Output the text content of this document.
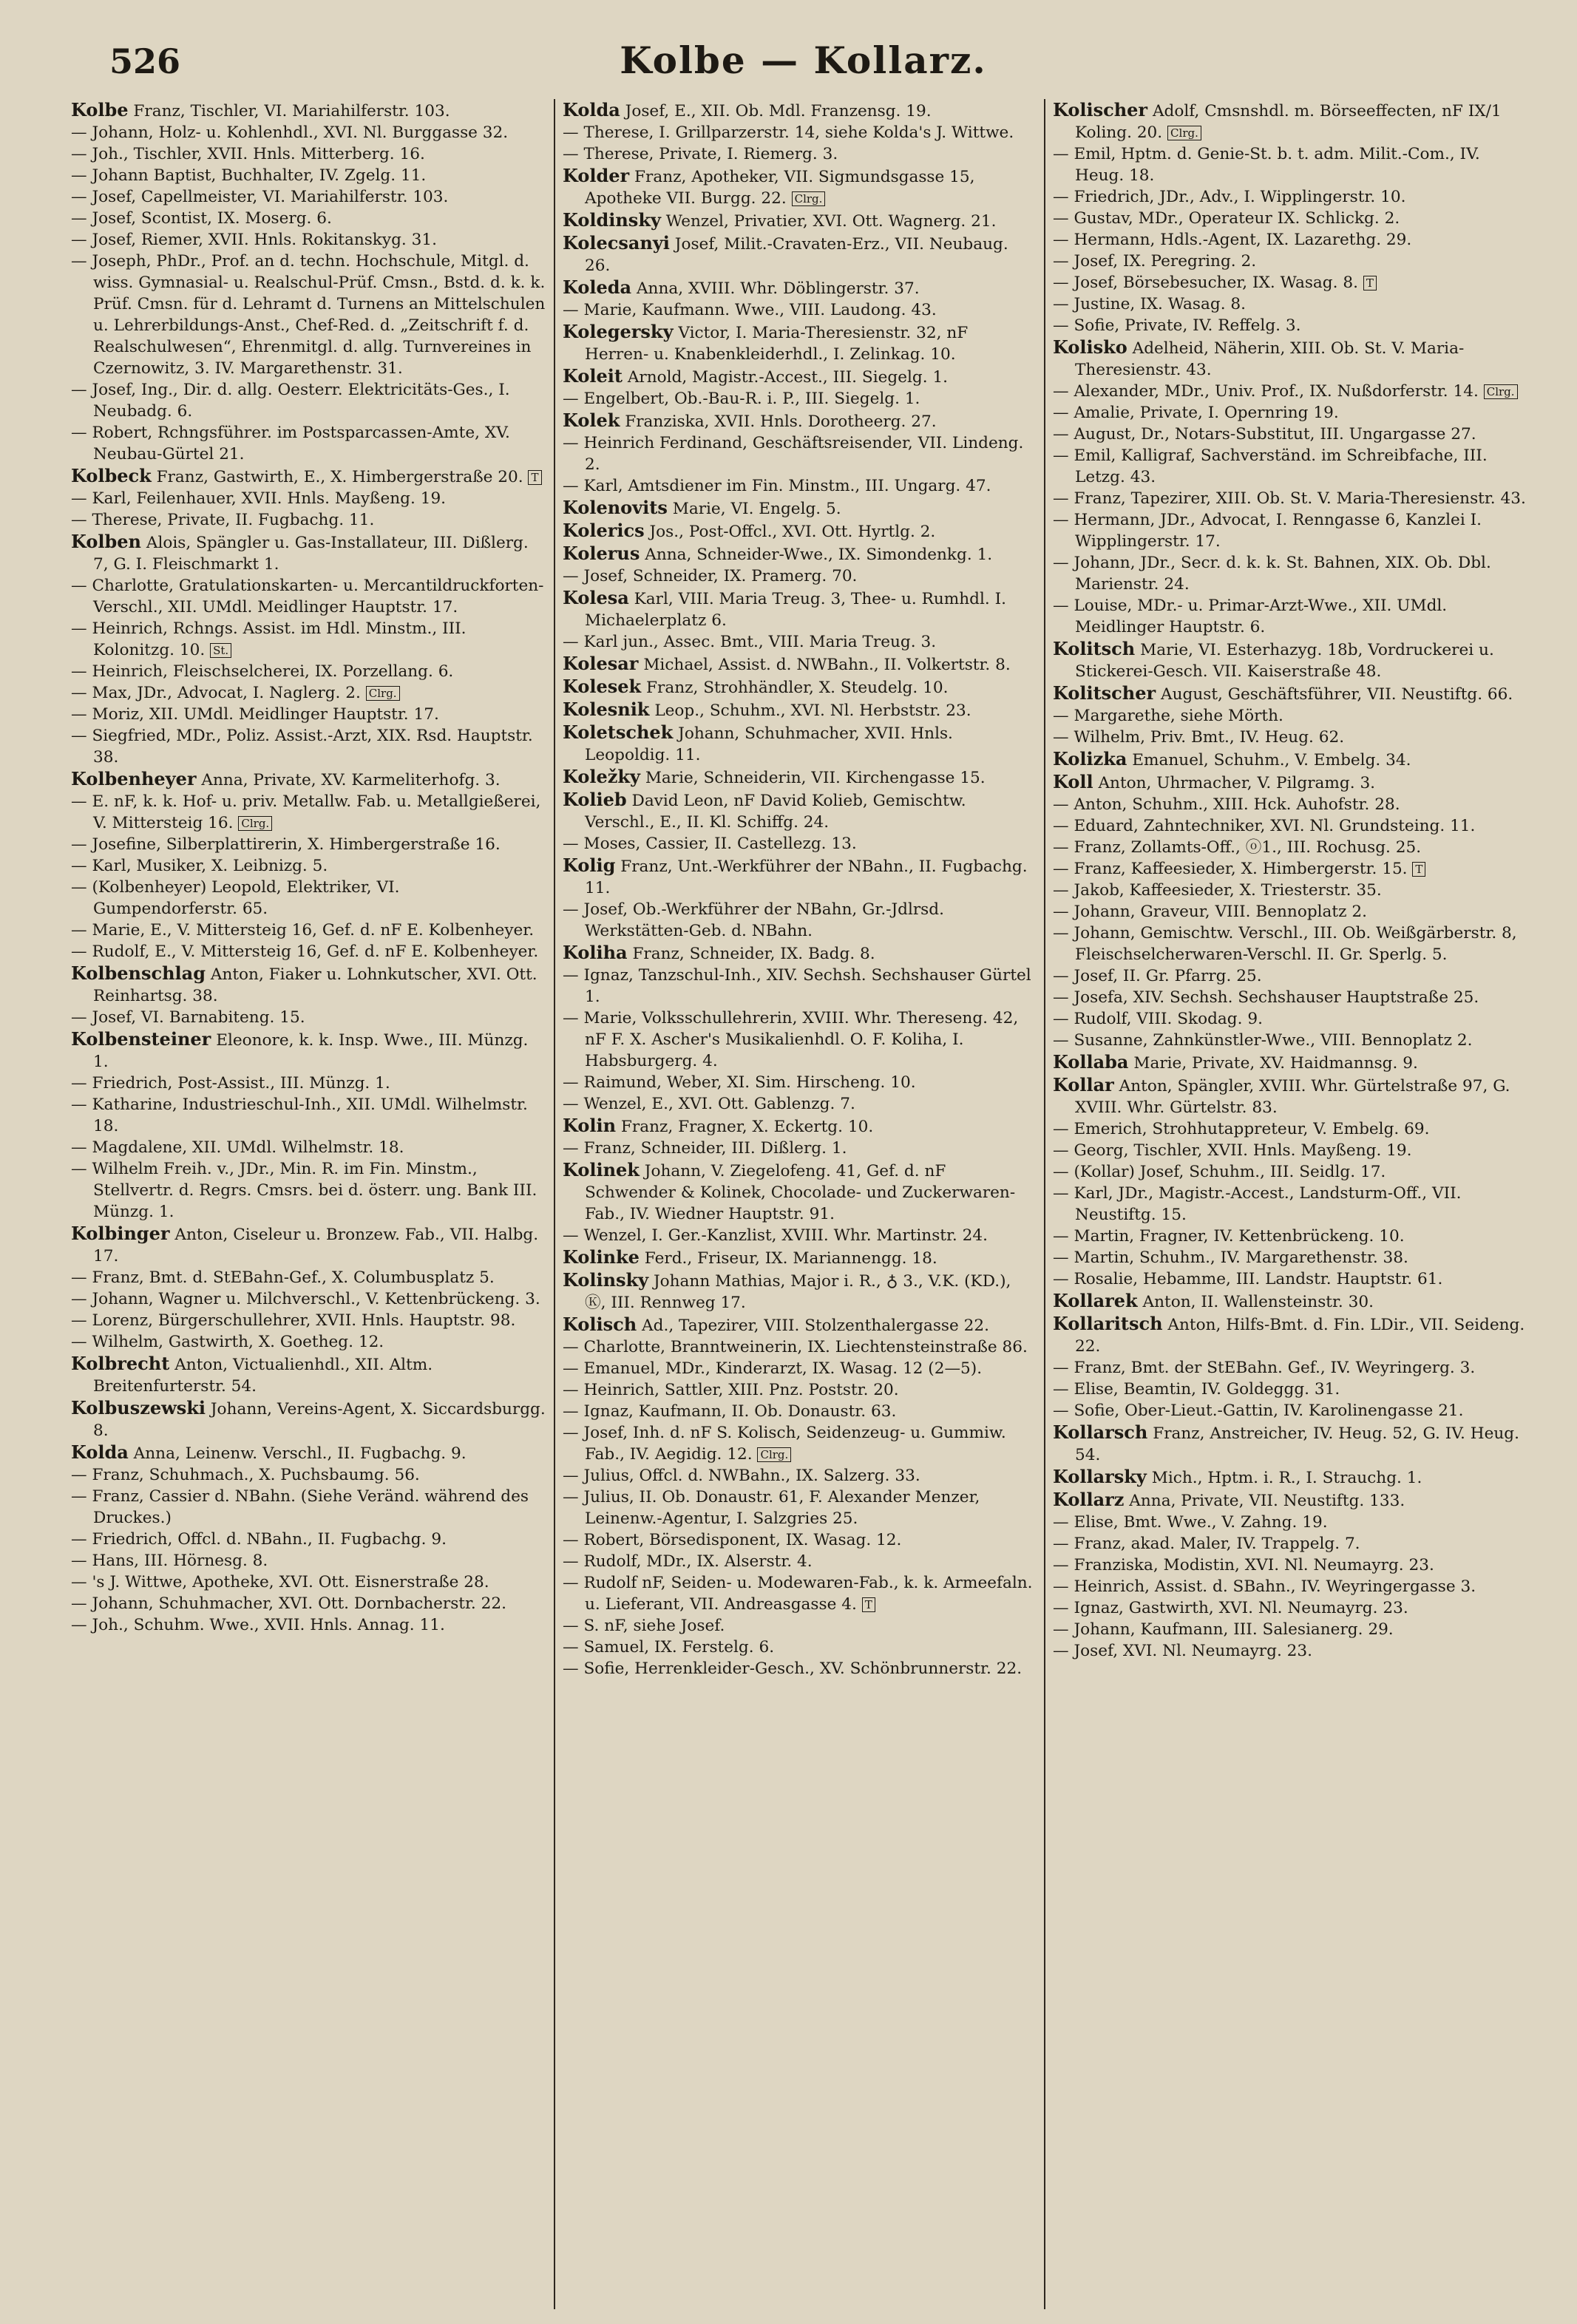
526	Kolbe — Kollarz.

Kolbe Franz, Tischler, VI. Mariahilferstr. 103.

— Johann, Holz- u. Kohlenhdl., XVI. Nl. Burggasse 32.

— Joh., Tischler, XVII. Hnls. Mitterberg. 16.

— Johann Baptist, Buchhalter, IV. Zgelg. 11.

— Josef, Capellmeister, VI. Mariahilferstr. 103.

— Josef, Scontist, IX. Moserg. 6.

— Josef, Riemer, XVII. Hnls. Rokitanskyg. 31.

— Joseph, PhDr., Prof. an d. techn. Hochschule, Mitgl. d. wiss. Gymnasial- u. Realschul-Prüf. Cmsn., Bstd. d. k. k. Prüf. Cmsn. für d. Lehramt d. Turnens an Mittelschulen u. Lehrerbildungs-Anst., Chef-Red. d. „Zeitschrift f. d. Realschulwesen“, Ehrenmitgl. d. allg. Turnvereines in Czernowitz, 3. IV. Margarethenstr. 31.

— Josef, Ing., Dir. d. allg. Oesterr. Elektricitäts-Ges., I. Neubadg. 6.

— Robert, Rchngsführer. im Postsparcassen-Amte, XV. Neubau-Gürtel 21.

Kolbeck Franz, Gastwirth, E., X. Himbergerstraße 20. T

— Karl, Feilenhauer, XVII. Hnls. Mayßeng. 19.

— Therese, Private, II. Fugbachg. 11.

Kolben Alois, Spängler u. Gas-Installateur, III. Dißlerg. 7, G. I. Fleischmarkt 1.

— Charlotte, Gratulationskarten- u. Mercantildruckforten-Verschl., XII. UMdl. Meidlinger Hauptstr. 17.

— Heinrich, Rchngs. Assist. im Hdl. Minstm., III. Kolonitzg. 10. St.

— Heinrich, Fleischselcherei, IX. Porzellang. 6.

— Max, JDr., Advocat, I. Naglerg. 2. Clrg.

— Moriz, XII. UMdl. Meidlinger Hauptstr. 17.

— Siegfried, MDr., Poliz. Assist.-Arzt, XIX. Rsd. Hauptstr. 38.

Kolbenheyer Anna, Private, XV. Karmeliterhofg. 3.

— E. nF, k. k. Hof- u. priv. Metallw. Fab. u. Metallgießerei, V. Mittersteig 16. Clrg.

— Josefine, Silberplattirerin, X. Himbergerstraße 16.

— Karl, Musiker, X. Leibnizg. 5.

— (Kolbenheyer) Leopold, Elektriker, VI. Gumpendorferstr. 65.

— Marie, E., V. Mittersteig 16, Gef. d. nF E. Kolbenheyer.

— Rudolf, E., V. Mittersteig 16, Gef. d. nF E. Kolbenheyer.

Kolbenschlag Anton, Fiaker u. Lohnkutscher, XVI. Ott. Reinhartsg. 38.

— Josef, VI. Barnabiteng. 15.

Kolbensteiner Eleonore, k. k. Insp. Wwe., III. Münzg. 1.

— Friedrich, Post-Assist., III. Münzg. 1.

— Katharine, Industrieschul-Inh., XII. UMdl. Wilhelmstr. 18.

— Magdalene, XII. UMdl. Wilhelmstr. 18.

— Wilhelm Freih. v., JDr., Min. R. im Fin. Minstm., Stellvertr. d. Regrs. Cmsrs. bei d. österr. ung. Bank III. Münzg. 1.

Kolbinger Anton, Ciseleur u. Bronzew. Fab., VII. Halbg. 17.

— Franz, Bmt. d. StEBahn-Gef., X. Columbusplatz 5.

— Johann, Wagner u. Milchverschl., V. Kettenbrückeng. 3.

— Lorenz, Bürgerschullehrer, XVII. Hnls. Hauptstr. 98.

— Wilhelm, Gastwirth, X. Goetheg. 12.

Kolbrecht Anton, Victualienhdl., XII. Altm. Breitenfurterstr. 54.

Kolbuszewski Johann, Vereins-Agent, X. Siccardsburgg. 8.

Kolda Anna, Leinenw. Verschl., II. Fugbachg. 9.

— Franz, Schuhmach., X. Puchsbaumg. 56.

— Franz, Cassier d. NBahn. (Siehe Veränd. während des Druckes.)

— Friedrich, Offcl. d. NBahn., II. Fugbachg. 9.

— Hans, III. Hörnesg. 8.

— 's J. Wittwe, Apotheke, XVI. Ott. Eisnerstraße 28.

— Johann, Schuhmacher, XVI. Ott. Dornbacherstr. 22.

— Joh., Schuhm. Wwe., XVII. Hnls. Annag. 11.

Kolda Josef, E., XII. Ob. Mdl. Franzensg. 19.

— Therese, I. Grillparzerstr. 14, siehe Kolda's J. Wittwe.

— Therese, Private, I. Riemerg. 3.

Kolder Franz, Apotheker, VII. Sigmundsgasse 15, Apotheke VII. Burgg. 22. Clrg.

Koldinsky Wenzel, Privatier, XVI. Ott. Wagnerg. 21.

Kolecsanyi Josef, Milit.-Cravaten-Erz., VII. Neubaug. 26.

Koleda Anna, XVIII. Whr. Döblingerstr. 37.

— Marie, Kaufmann. Wwe., VIII. Laudong. 43.

Kolegersky Victor, I. Maria-Theresienstr. 32, nF Herren- u. Knabenkleiderhdl., I. Zelinkag. 10.

Koleit Arnold, Magistr.-Accest., III. Siegelg. 1.

— Engelbert, Ob.-Bau-R. i. P., III. Siegelg. 1.

Kolek Franziska, XVII. Hnls. Dorotheerg. 27.

— Heinrich Ferdinand, Geschäftsreisender, VII. Lindeng. 2.

— Karl, Amtsdiener im Fin. Minstm., III. Ungarg. 47.

Kolenovits Marie, VI. Engelg. 5.

Kolerics Jos., Post-Offcl., XVI. Ott. Hyrtlg. 2.

Kolerus Anna, Schneider-Wwe., IX. Simondenkg. 1.

— Josef, Schneider, IX. Pramerg. 70.

Kolesa Karl, VIII. Maria Treug. 3, Thee- u. Rumhdl. I. Michaelerplatz 6.

— Karl jun., Assec. Bmt., VIII. Maria Treug. 3.

Kolesar Michael, Assist. d. NWBahn., II. Volkertstr. 8.

Kolesek Franz, Strohhändler, X. Steudelg. 10.

Kolesnik Leop., Schuhm., XVI. Nl. Herbststr. 23.

Koletschek Johann, Schuhmacher, XVII. Hnls. Leopoldig. 11.

Koležky Marie, Schneiderin, VII. Kirchengasse 15.

Kolieb David Leon, nF David Kolieb, Gemischtw. Verschl., E., II. Kl. Schiffg. 24.

— Moses, Cassier, II. Castellezg. 13.

Kolig Franz, Unt.-Werkführer der NBahn., II. Fugbachg. 11.

— Josef, Ob.-Werkführer der NBahn, Gr.-Jdlrsd. Werkstätten-Geb. d. NBahn.

Koliha Franz, Schneider, IX. Badg. 8.

— Ignaz, Tanzschul-Inh., XIV. Sechsh. Sechshauser Gürtel 1.

— Marie, Volksschullehrerin, XVIII. Whr. Thereseng. 42, nF F. X. Ascher's Musikalienhdl. O. F. Koliha, I. Habsburgerg. 4.

— Raimund, Weber, XI. Sim. Hirscheng. 10.

— Wenzel, E., XVI. Ott. Gablenzg. 7.

Kolin Franz, Fragner, X. Eckertg. 10.

— Franz, Schneider, III. Dißlerg. 1.

Kolinek Johann, V. Ziegelofeng. 41, Gef. d. nF Schwender & Kolinek, Chocolade- und Zuckerwaren-Fab., IV. Wiedner Hauptstr. 91.

— Wenzel, I. Ger.-Kanzlist, XVIII. Whr. Martinstr. 24.

Kolinke Ferd., Friseur, IX. Mariannengg. 18.

Kolinsky Johann Mathias, Major i. R., ♁ 3., V.K. (KD.), Ⓚ, III. Rennweg 17.

Kolisch Ad., Tapezirer, VIII. Stolzenthalergasse 22.

— Charlotte, Branntweinerin, IX. Liechtensteinstraße 86.

— Emanuel, MDr., Kinderarzt, IX. Wasag. 12 (2—5).

— Heinrich, Sattler, XIII. Pnz. Poststr. 20.

— Ignaz, Kaufmann, II. Ob. Donaustr. 63.

— Josef, Inh. d. nF S. Kolisch, Seidenzeug- u. Gummiw. Fab., IV. Aegidig. 12. Clrg.

— Julius, Offcl. d. NWBahn., IX. Salzerg. 33.

— Julius, II. Ob. Donaustr. 61, F. Alexander Menzer, Leinenw.-Agentur, I. Salzgries 25.

— Robert, Börsedisponent, IX. Wasag. 12.

— Rudolf, MDr., IX. Alserstr. 4.

— Rudolf nF, Seiden- u. Modewaren-Fab., k. k. Armeefaln. u. Lieferant, VII. Andreasgasse 4. T

— S. nF, siehe Josef.

— Samuel, IX. Ferstelg. 6.

— Sofie, Herrenkleider-Gesch., XV. Schönbrunnerstr. 22.

Kolischer Adolf, Cmsnshdl. m. Börseeffecten, nF IX/1 Koling. 20. Clrg.

— Emil, Hptm. d. Genie-St. b. t. adm. Milit.-Com., IV. Heug. 18.

— Friedrich, JDr., Adv., I. Wipplingerstr. 10.

— Gustav, MDr., Operateur IX. Schlickg. 2.

— Hermann, Hdls.-Agent, IX. Lazarethg. 29.

— Josef, IX. Peregring. 2.

— Josef, Börsebesucher, IX. Wasag. 8. T

— Justine, IX. Wasag. 8.

— Sofie, Private, IV. Reffelg. 3.

Kolisko Adelheid, Näherin, XIII. Ob. St. V. Maria-Theresienstr. 43.

— Alexander, MDr., Univ. Prof., IX. Nußdorferstr. 14. Clrg.

— Amalie, Private, I. Opernring 19.

— August, Dr., Notars-Substitut, III. Ungargasse 27.

— Emil, Kalligraf, Sachverständ. im Schreibfache, III. Letzg. 43.

— Franz, Tapezirer, XIII. Ob. St. V. Maria-Theresienstr. 43.

— Hermann, JDr., Advocat, I. Renngasse 6, Kanzlei I. Wipplingerstr. 17.

— Johann, JDr., Secr. d. k. k. St. Bahnen, XIX. Ob. Dbl. Marienstr. 24.

— Louise, MDr.- u. Primar-Arzt-Wwe., XII. UMdl. Meidlinger Hauptstr. 6.

Kolitsch Marie, VI. Esterhazyg. 18b, Vordruckerei u. Stickerei-Gesch. VII. Kaiserstraße 48.

Kolitscher August, Geschäftsführer, VII. Neustiftg. 66.

— Margarethe, siehe Mörth.

— Wilhelm, Priv. Bmt., IV. Heug. 62.

Kolizka Emanuel, Schuhm., V. Embelg. 34.

Koll Anton, Uhrmacher, V. Pilgramg. 3.

— Anton, Schuhm., XIII. Hck. Auhofstr. 28.

— Eduard, Zahntechniker, XVI. Nl. Grundsteing. 11.

— Franz, Zollamts-Off., ⓞ1., III. Rochusg. 25.

— Franz, Kaffeesieder, X. Himbergerstr. 15. T

— Jakob, Kaffeesieder, X. Triesterstr. 35.

— Johann, Graveur, VIII. Bennoplatz 2.

— Johann, Gemischtw. Verschl., III. Ob. Weißgärberstr. 8, Fleischselcherwaren-Verschl. II. Gr. Sperlg. 5.

— Josef, II. Gr. Pfarrg. 25.

— Josefa, XIV. Sechsh. Sechshauser Hauptstraße 25.

— Rudolf, VIII. Skodag. 9.

— Susanne, Zahnkünstler-Wwe., VIII. Bennoplatz 2.

Kollaba Marie, Private, XV. Haidmannsg. 9.

Kollar Anton, Spängler, XVIII. Whr. Gürtelstraße 97, G. XVIII. Whr. Gürtelstr. 83.

— Emerich, Strohhutappreteur, V. Embelg. 69.

— Georg, Tischler, XVII. Hnls. Mayßeng. 19.

— (Kollar) Josef, Schuhm., III. Seidlg. 17.

— Karl, JDr., Magistr.-Accest., Landsturm-Off., VII. Neustiftg. 15.

— Martin, Fragner, IV. Kettenbrückeng. 10.

— Martin, Schuhm., IV. Margarethenstr. 38.

— Rosalie, Hebamme, III. Landstr. Hauptstr. 61.

Kollarek Anton, II. Wallensteinstr. 30.

Kollaritsch Anton, Hilfs-Bmt. d. Fin. LDir., VII. Seideng. 22.

— Franz, Bmt. der StEBahn. Gef., IV. Weyringerg. 3.

— Elise, Beamtin, IV. Goldeggg. 31.

— Sofie, Ober-Lieut.-Gattin, IV. Karolinengasse 21.

Kollarsch Franz, Anstreicher, IV. Heug. 52, G. IV. Heug. 54.

Kollarsky Mich., Hptm. i. R., I. Strauchg. 1.

Kollarz Anna, Private, VII. Neustiftg. 133.

— Elise, Bmt. Wwe., V. Zahng. 19.

— Franz, akad. Maler, IV. Trappelg. 7.

— Franziska, Modistin, XVI. Nl. Neumayrg. 23.

— Heinrich, Assist. d. SBahn., IV. Weyringergasse 3.

— Ignaz, Gastwirth, XVI. Nl. Neumayrg. 23.

— Johann, Kaufmann, III. Salesianerg. 29.

— Josef, XVI. Nl. Neumayrg. 23.
